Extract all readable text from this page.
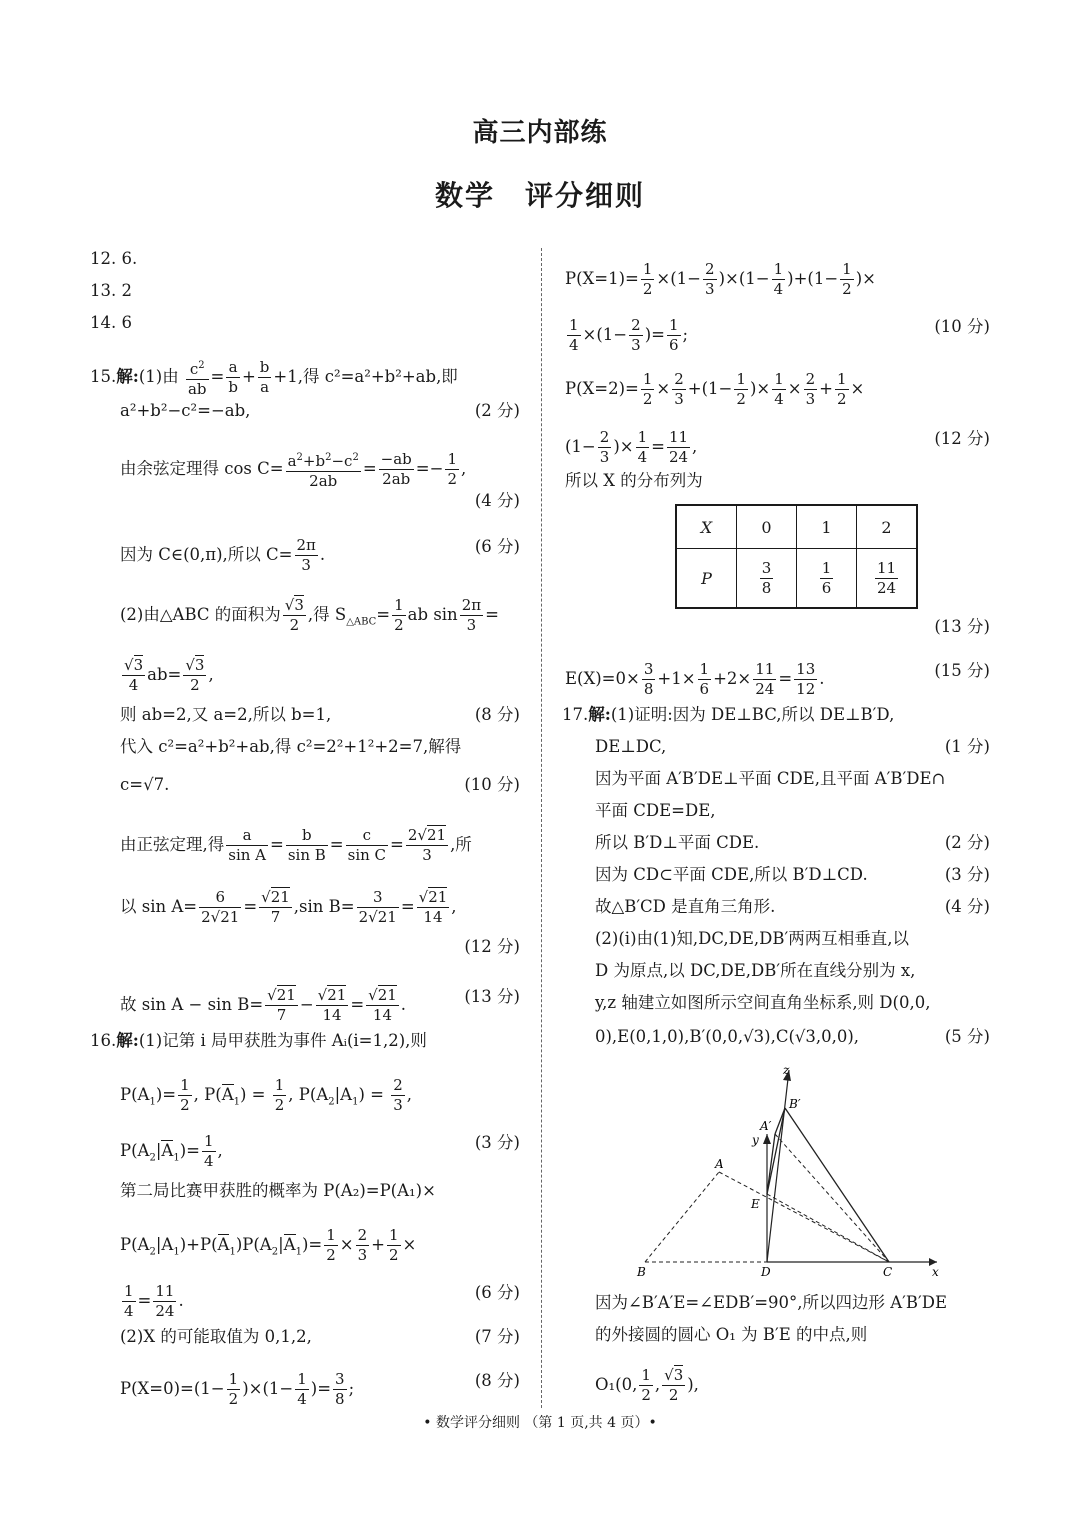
高三内部练
数学　评分细则
12. 6.
13. 2
14. 6
15.解:(1)由 $\frac{c^2}{ab} = \frac{a}{b} + \frac{b}{a} +1$,得 c²=a²+b²+ab,即
a²+b²−c²=−ab,	(2 分)
由余弦定理得 $\cos C= \frac{a^2+b^2-c^2}{2ab} = \frac{-ab}{2ab} =- \frac{1}{2}$ ,
(4 分)
因为 C∈(0,π),所以 $C= \frac{2\pi}{3}$ .	(6 分)
(2)由△ABC 的面积为 $\frac{√3}{2}$ ,得 $S_{\triangle ABC}= \frac{1}{2}$ ab $\sin \frac{2\pi}{3}$ =
$\frac{√3}{4} ab= \frac{√3}{2}$ ,
则 ab=2,又 a=2,所以 b=1,	(8 分)
代入 c²=a²+b²+ab,得 c²=2²+1²+2=7,解得
c=√7.	(10 分)
由正弦定理,得 $\frac{a}{\text{sin A}} = \frac{b}{\text{sin B}} = \frac{c}{\text{sin C}} = \frac{2√21}{3}$ ,所
以 $\sin A= \frac{6}{2√21} = \frac{√21}{7} ,\sin$ $B= \frac{3}{2√21} = \frac{√21}{14}$ ,
(12 分)
故 $\sin A - \sin B= \frac{√21}{7} - \frac{√21}{14} = \frac{√21}{14}$ .	(13 分)
16.解:(1)记第 i 局甲获胜为事件 Aᵢ(i=1,2),则
$P(A_1)= \frac{1}{2}$ , $P(A_1) = \frac{1}{2}$ , $P(A_2|A_1) = \frac{2}{3}$ ,
$P(A_2|A_1)= \frac{1}{4}$ ,	(3 分)
第二局比赛甲获胜的概率为 P(A₂)=P(A₁)×
$P(A_2|A_1)+P(A_1)P(A_2|A_1)= \frac{1}{2} \times \frac{2}{3} + \frac{1}{2}$ ×
$\frac{1}{4} = \frac{11}{24}$ .	(6 分)
(2)X 的可能取值为 0,1,2,	(7 分)
$P(X=0)=(1- \frac{1}{2} )\times(1- \frac{1}{4}$ )= $\frac{3}{8}$ ;	(8 分)
$P(X=1)= \frac{1}{2} \times(1- \frac{2}{3} )\times(1- \frac{1}{4} )+(1- \frac{1}{2}$ )×
$\frac{1}{4} \times(1- \frac{2}{3}$ )= $\frac{1}{6}$ ;	(10 分)
$P(X=2)= \frac{1}{2} \times \frac{2}{3} +(1- \frac{1}{2}$ )× $\frac{1}{4} \times \frac{2}{3} + \frac{1}{2}$ ×
($1- \frac{2}{3}$ )× $\frac{1}{4} = \frac{11}{24}$ ,	(12 分)
所以 X 的分布列为
X	0	1	2
P	$\frac{3}{8}$	$\frac{1}{6}$	$\frac{11}{24}$
(13 分)
$E(X)=0\times \frac{3}{8} +1\times \frac{1}{6} +2\times \frac{11}{24} = \frac{13}{12}$ .	(15 分)
17.解:(1)证明:因为 DE⊥BC,所以 DE⊥B′D,
DE⊥DC,	(1 分)
因为平面 A′B′DE⊥平面 CDE,且平面 A′B′DE∩
平面 CDE=DE,
所以 B′D⊥平面 CDE.	(2 分)
因为 CD⊂平面 CDE,所以 B′D⊥CD.	(3 分)
故△B′CD 是直角三角形.	(4 分)
(2)(ⅰ)由(1)知,DC,DE,DB′两两互相垂直,以
D 为原点,以 DC,DE,DB′所在直线分别为 x,
y,z 轴建立如图所示空间直角坐标系,则 D(0,0,
0),E(0,1,0),B′(0,0,√3),C(√3,0,0),	(5 分)
因为∠B′A′E=∠EDB′=90°,所以四边形 A′B′DE
的外接圆的圆心 O₁ 为 B′E 的中点,则
O₁(0, $\frac{1}{2}$ , $\frac{√3}{2}$ ),
z
y
x
A
A′
B′
E
B	D	C
• 数学评分细则 （第 1 页,共 4 页）•
